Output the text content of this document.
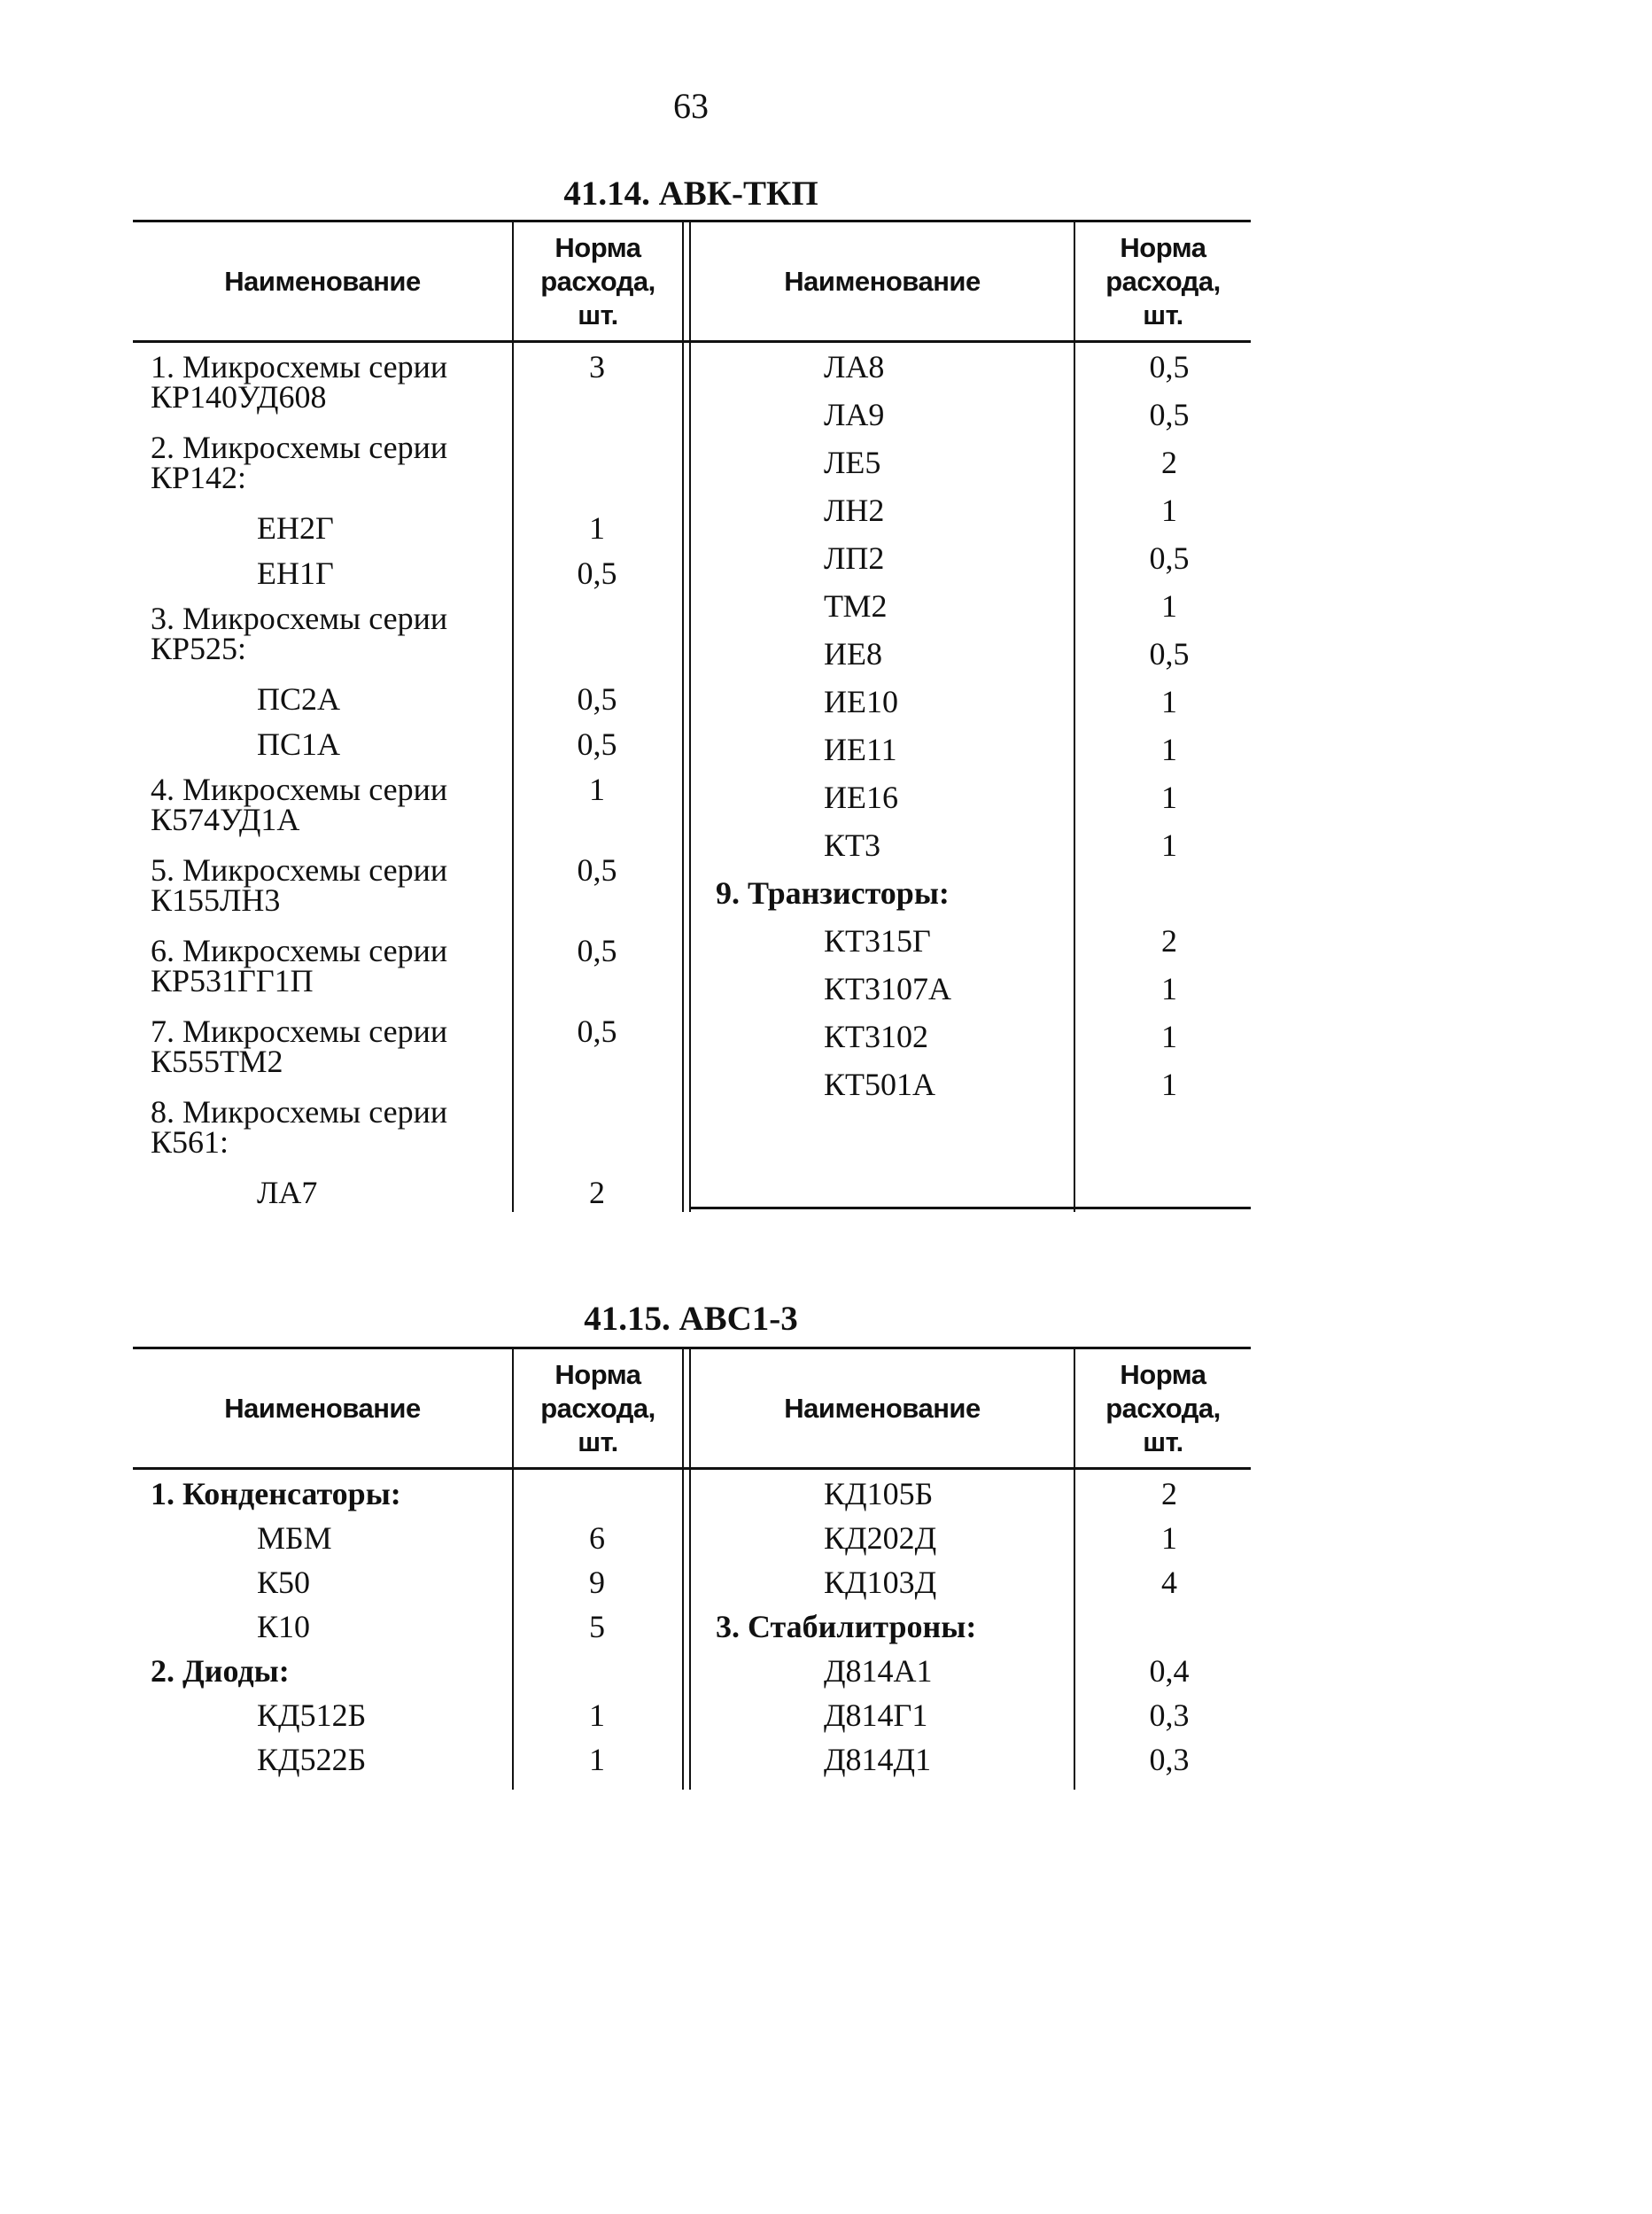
63
41.14. АВК-ТКП
Наименование
Норма
расхода,
шт.
Наименование
Норма
расхода,
шт.
1. Микросхемы серии	3
КР140УД608
2. Микросхемы серии
КР142:
ЕН2Г	1
ЕН1Г	0,5
3. Микросхемы серии
КР525:
ПС2А	0,5
ПС1А	0,5
4. Микросхемы серии	1
К574УД1А
5. Микросхемы серии	0,5
К155ЛН3
6. Микросхемы серии	0,5
КР531ГГ1П
7. Микросхемы серии	0,5
К555ТМ2
8. Микросхемы серии
К561:
ЛА7	2
ЛА8	0,5
ЛА9	0,5
ЛЕ5	2
ЛН2	1
ЛП2	0,5
ТМ2	1
ИЕ8	0,5
ИЕ10	1
ИЕ11	1
ИЕ16	1
КТ3	1
9. Транзисторы:
КТ315Г	2
КТ3107А	1
КТ3102	1
КТ501А	1
41.15. АВС1-3
Наименование
Норма
расхода,
шт.
Наименование
Норма
расхода,
шт.
1. Конденсаторы:
МБМ	6
К50	9
К10	5
2. Диоды:
КД512Б	1
КД522Б	1
КД105Б	2
КД202Д	1
КД103Д	4
3. Стабилитроны:
Д814А1	0,4
Д814Г1	0,3
Д814Д1	0,3
